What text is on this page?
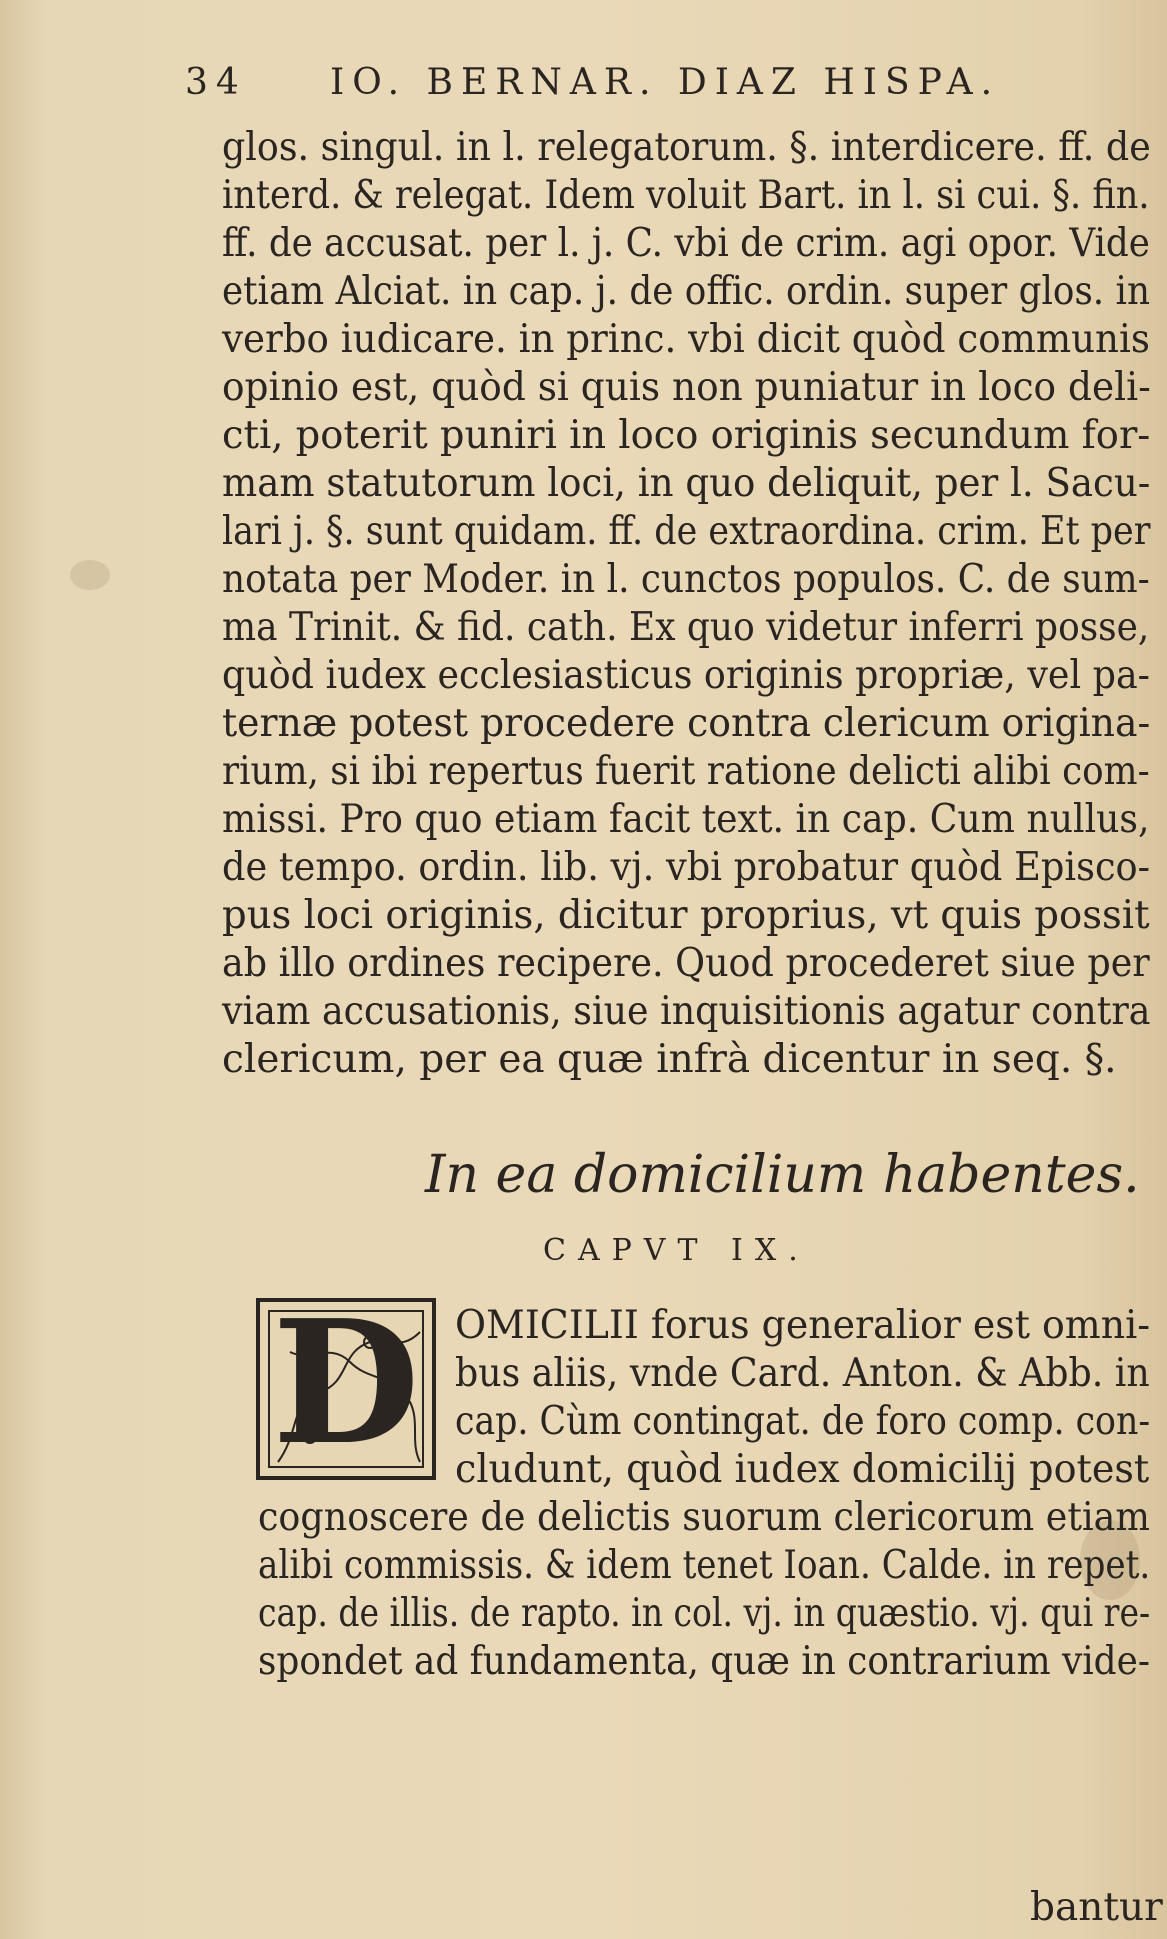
34 IO. BERNAR. DIAZ HISPA.
glos. singul. in l. relegatorum. §. interdicere. ff. de
interd. & relegat. Idem voluit Bart. in l. si cui. §. fin.
ff. de accusat. per l. j. C. vbi de crim. agi opor. Vide
etiam Alciat. in cap. j. de offic. ordin. super glos. in
verbo iudicare. in princ. vbi dicit quòd communis
opinio est, quòd si quis non puniatur in loco deli-
cti, poterit puniri in loco originis secundum for-
mam statutorum loci, in quo deliquit, per l. Sacu-
lari j. §. sunt quidam. ff. de extraordina. crim. Et per
notata per Moder. in l. cunctos populos. C. de sum-
ma Trinit. & fid. cath. Ex quo videtur inferri posse,
quòd iudex ecclesiasticus originis propriæ, vel pa-
ternæ potest procedere contra clericum origina-
rium, si ibi repertus fuerit ratione delicti alibi com-
missi. Pro quo etiam facit text. in cap. Cum nullus,
de tempo. ordin. lib. vj. vbi probatur quòd Episco-
pus loci originis, dicitur proprius, vt quis possit
ab illo ordines recipere. Quod procederet siue per
viam accusationis, siue inquisitionis agatur contra
clericum, per ea quæ infrà dicentur in seq. §.
In ea domicilium habentes.
CAPVT IX.
D OMICILII forus generalior est omni-
bus aliis, vnde Card. Anton. & Abb. in
cap. Cùm contingat. de foro comp. con-
cludunt, quòd iudex domicilij potest
cognoscere de delictis suorum clericorum etiam
alibi commissis. & idem tenet Ioan. Calde. in repet.
cap. de illis. de rapto. in col. vj. in quæstio. vj. qui re-
spondet ad fundamenta, quæ in contrarium vide-
bantur
